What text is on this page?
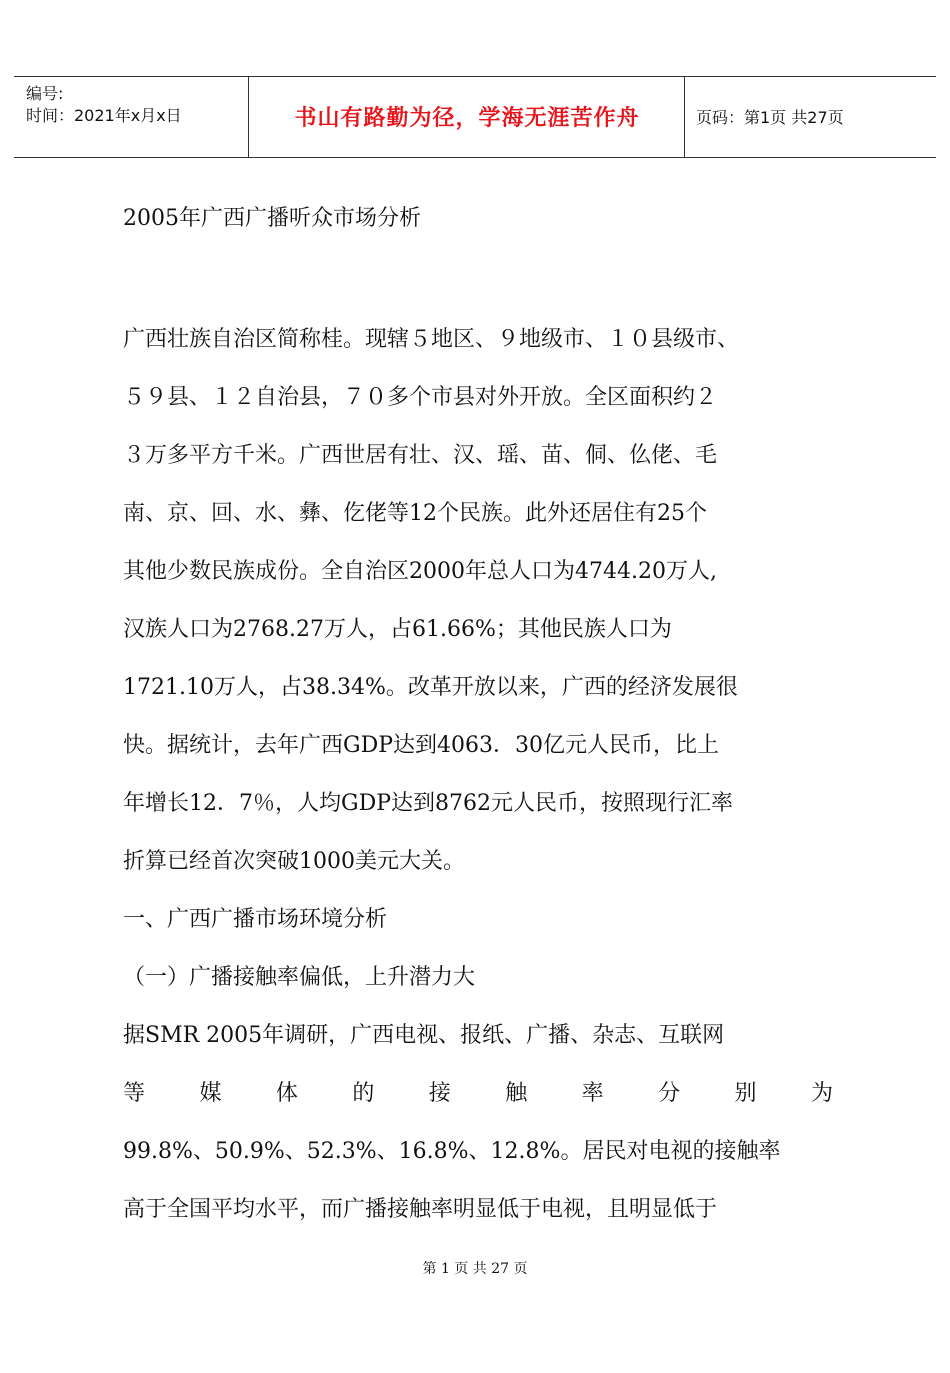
编号:
时间：2021年x月x日	书山有路勤为径，学海无涯苦作舟	页码：第1页 共27页
2005年广西广播听众市场分析
广西壮族自治区简称桂。现辖５地区、９地级市、１０县级市、
５９县、１２自治县，７０多个市县对外开放。全区面积约２
３万多平方千米。广西世居有壮、汉、瑶、苗、侗、仫佬、毛
南、京、回、水、彝、仡佬等12个民族。此外还居住有25个
其他少数民族成份。全自治区2000年总人口为4744.20万人,
汉族人口为2768.27万人，占61.66%；其他民族人口为
1721.10万人，占38.34%。改革开放以来，广西的经济发展很
快。据统计，去年广西GDP达到4063．30亿元人民币，比上
年增长12．7％，人均GDP达到8762元人民币，按照现行汇率
折算已经首次突破1000美元大关。
一、广西广播市场环境分析
（一）广播接触率偏低，上升潜力大
据SMR 2005年调研，广西电视、报纸、广播、杂志、互联网
等 媒 体 的 接 触 率 分 别 为
99.8%、50.9%、52.3%、16.8%、12.8%。居民对电视的接触率
高于全国平均水平，而广播接触率明显低于电视，且明显低于
第 1 页 共 27 页
